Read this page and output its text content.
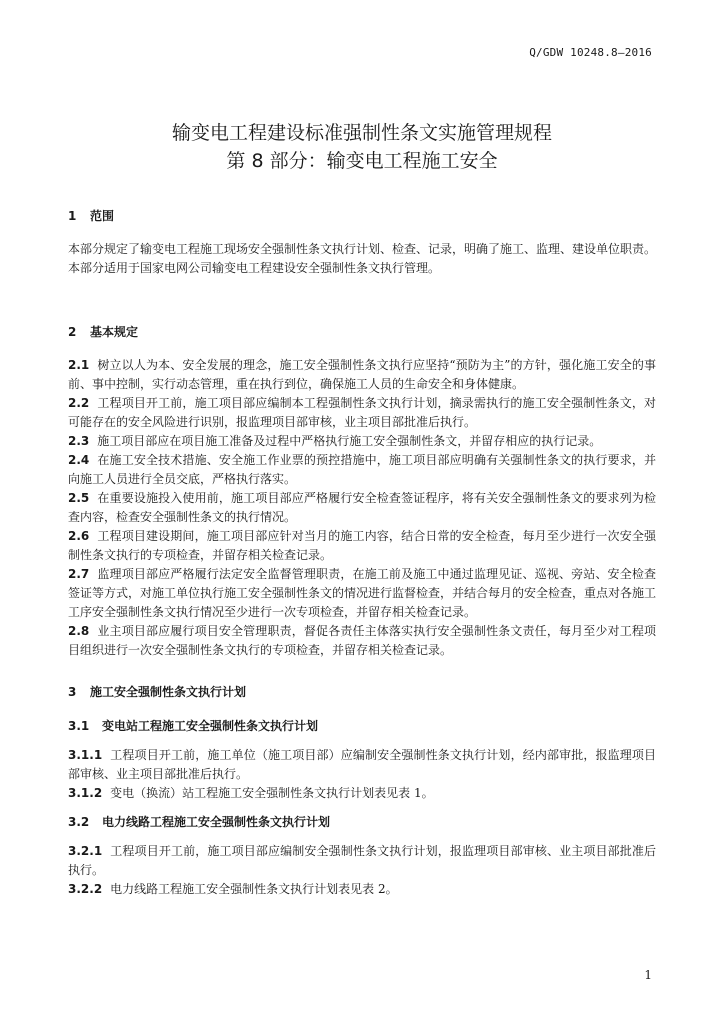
Q/GDW 10248.8—2016
输变电工程建设标准强制性条文实施管理规程
第 8 部分：输变电工程施工安全
1 范围

本部分规定了输变电工程施工现场安全强制性条文执行计划、检查、记录，明确了施工、监理、建设单位职责。

本部分适用于国家电网公司输变电工程建设安全强制性条文执行管理。

2 基本规定

2.1 树立以人为本、安全发展的理念，施工安全强制性条文执行应坚持“预防为主”的方针，强化施工安全的事前、事中控制，实行动态管理，重在执行到位，确保施工人员的生命安全和身体健康。

2.2 工程项目开工前，施工项目部应编制本工程强制性条文执行计划，摘录需执行的施工安全强制性条文，对可能存在的安全风险进行识别，报监理项目部审核，业主项目部批准后执行。

2.3 施工项目部应在项目施工准备及过程中严格执行施工安全强制性条文，并留存相应的执行记录。

2.4 在施工安全技术措施、安全施工作业票的预控措施中，施工项目部应明确有关强制性条文的执行要求，并向施工人员进行全员交底，严格执行落实。

2.5 在重要设施投入使用前，施工项目部应严格履行安全检查签证程序，将有关安全强制性条文的要求列为检查内容，检查安全强制性条文的执行情况。

2.6 工程项目建设期间，施工项目部应针对当月的施工内容，结合日常的安全检查，每月至少进行一次安全强制性条文执行的专项检查，并留存相关检查记录。

2.7 监理项目部应严格履行法定安全监督管理职责，在施工前及施工中通过监理见证、巡视、旁站、安全检查签证等方式，对施工单位执行施工安全强制性条文的情况进行监督检查，并结合每月的安全检查，重点对各施工工序安全强制性条文执行情况至少进行一次专项检查，并留存相关检查记录。

2.8 业主项目部应履行项目安全管理职责，督促各责任主体落实执行安全强制性条文责任，每月至少对工程项目组织进行一次安全强制性条文执行的专项检查，并留存相关检查记录。

3 施工安全强制性条文执行计划
3.1 变电站工程施工安全强制性条文执行计划

3.1.1 工程项目开工前，施工单位（施工项目部）应编制安全强制性条文执行计划，经内部审批，报监理项目部审核、业主项目部批准后执行。

3.1.2 变电（换流）站工程施工安全强制性条文执行计划表见表 1。

3.2 电力线路工程施工安全强制性条文执行计划

3.2.1 工程项目开工前，施工项目部应编制安全强制性条文执行计划，报监理项目部审核、业主项目部批准后执行。

3.2.2 电力线路工程施工安全强制性条文执行计划表见表 2。

1
